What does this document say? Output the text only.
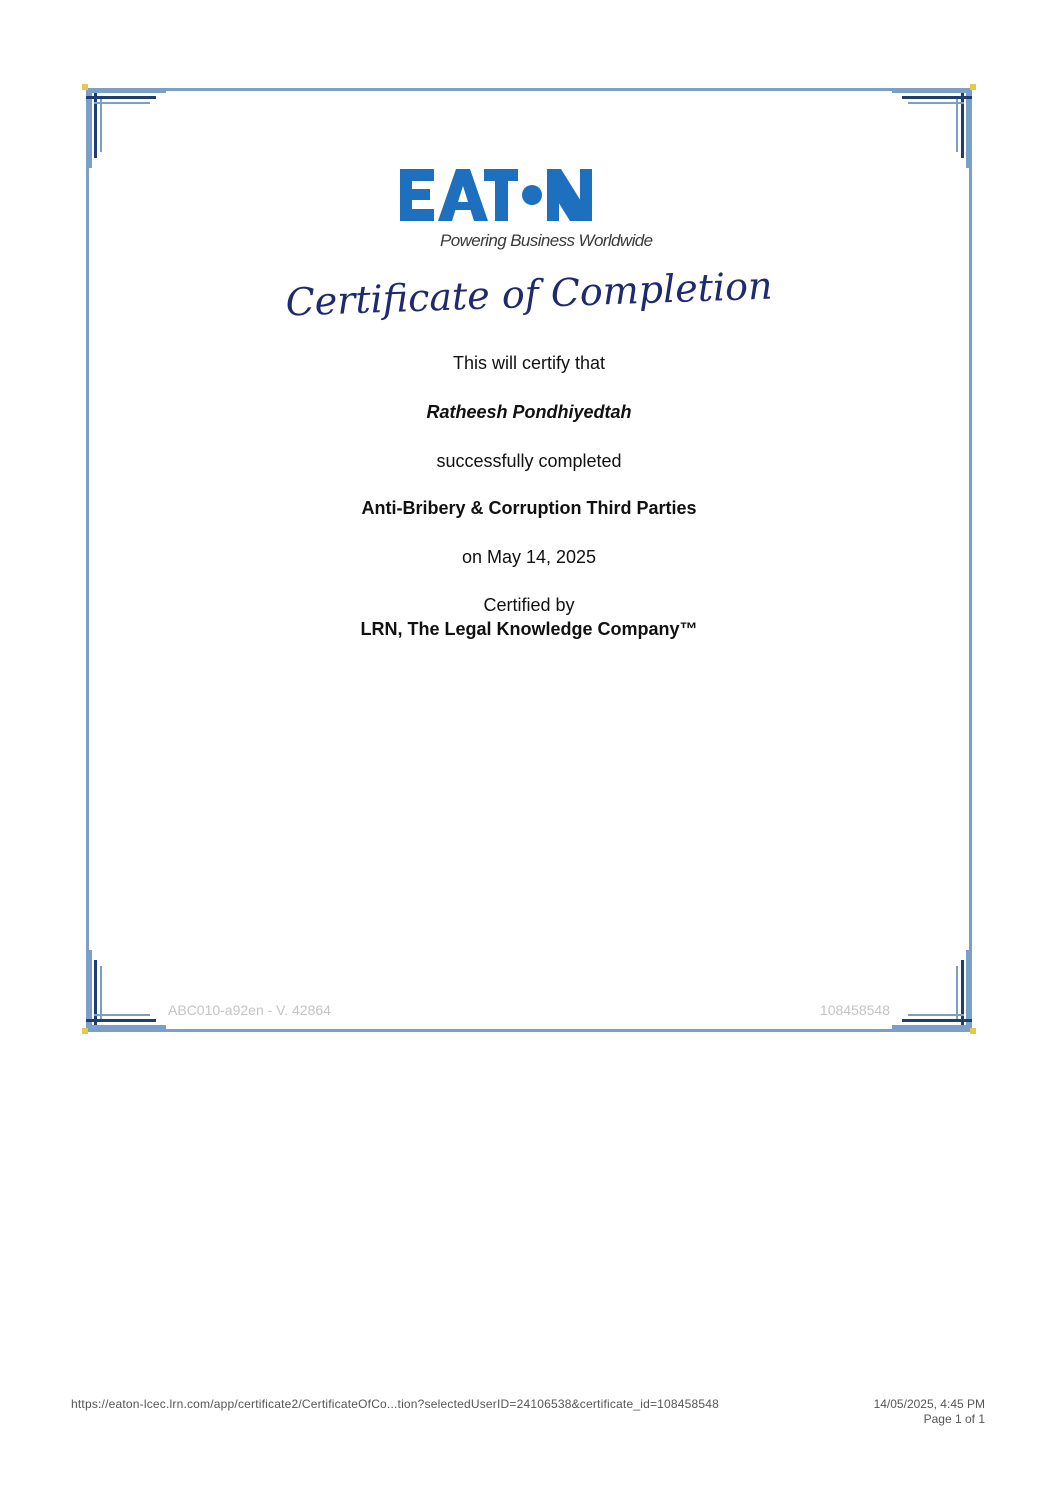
Powering Business Worldwide
Certificate of Completion
This will certify that
Ratheesh Pondhiyedtah
successfully completed
Anti-Bribery & Corruption Third Parties
on May 14, 2025
Certified by
LRN, The Legal Knowledge Company™
ABC010-a92en - V. 42864	108458548
https://eaton-lcec.lrn.com/app/certificate2/CertificateOfCo...tion?selectedUserID=24106538&certificate_id=108458548	14/05/2025, 4:45 PM
Page 1 of 1
